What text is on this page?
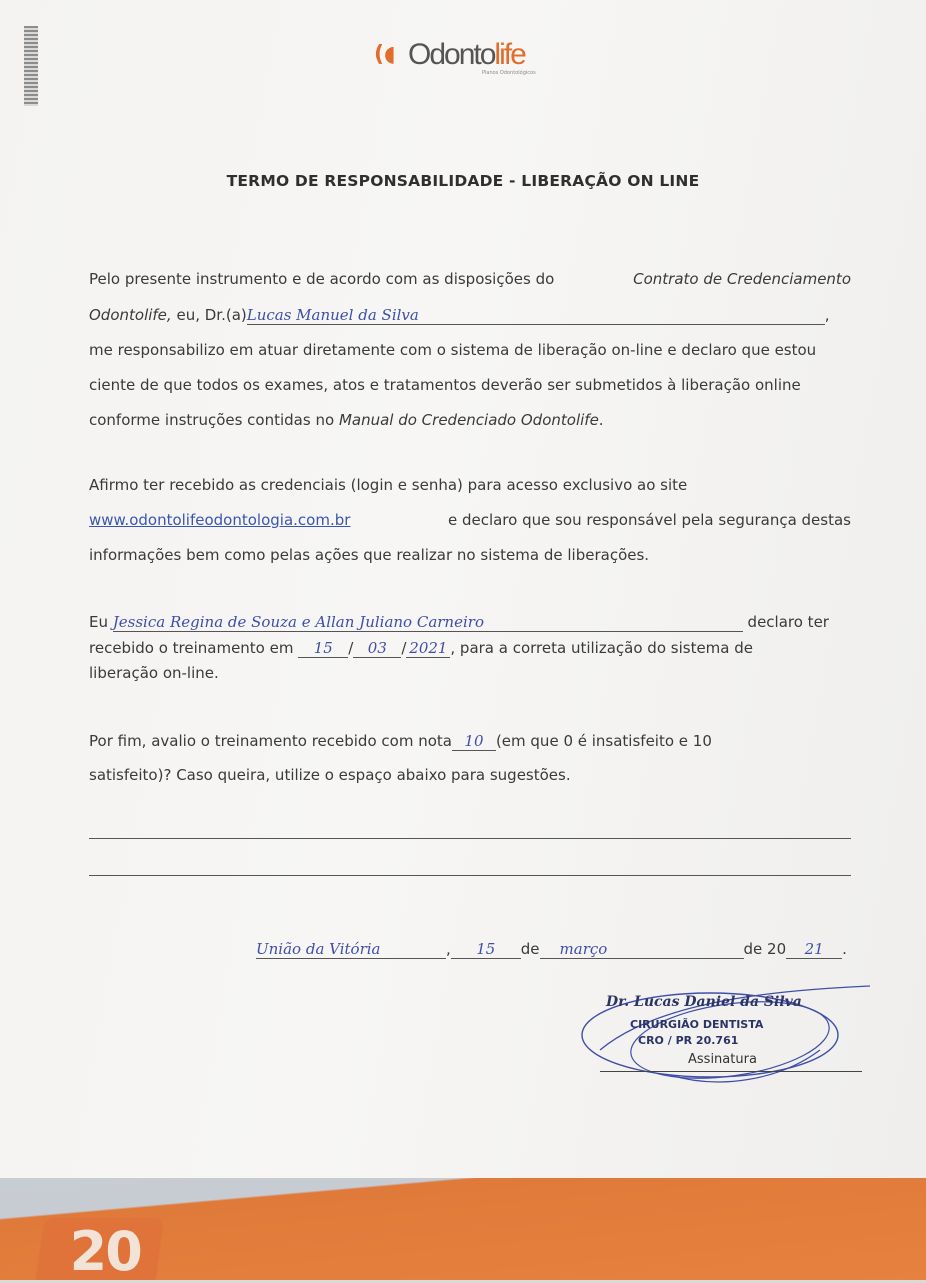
(◖ Odontolife
Planos Odontológicos
TERMO DE RESPONSABILIDADE - LIBERAÇÃO ON LINE
Pelo presente instrumento e de acordo com as disposições do	Contrato de Credenciamento
Odontolife, eu, Dr.(a)Lucas Manuel da Silva	,
me responsabilizo em atuar diretamente com o sistema de liberação on-line e declaro que estou
ciente de que todos os exames, atos e tratamentos deverão ser submetidos à liberação online
conforme instruções contidas no Manual do Credenciado Odontolife.
Afirmo ter recebido as credenciais (login e senha) para acesso exclusivo ao site
www.odontolifeodontologia.com.br	e declaro que sou responsável pela segurança destas
informações bem como pelas ações que realizar no sistema de liberações.
Eu Jessica Regina de Souza e Allan Juliano Carneiro	declaro ter
recebido o treinamento em 15 / 03 / 2021 , para a correta utilização do sistema de
liberação on-line.
Por fim, avalio o treinamento recebido com nota 10 (em que 0 é insatisfeito e 10
satisfeito)? Caso queira, utilize o espaço abaixo para sugestões.
União da Vitória	, 15 de março	de 20 21 .
Dr. Lucas Daniel da Silva
CIRURGIÃO DENTISTA
CRO / PR 20.761
Assinatura
20
